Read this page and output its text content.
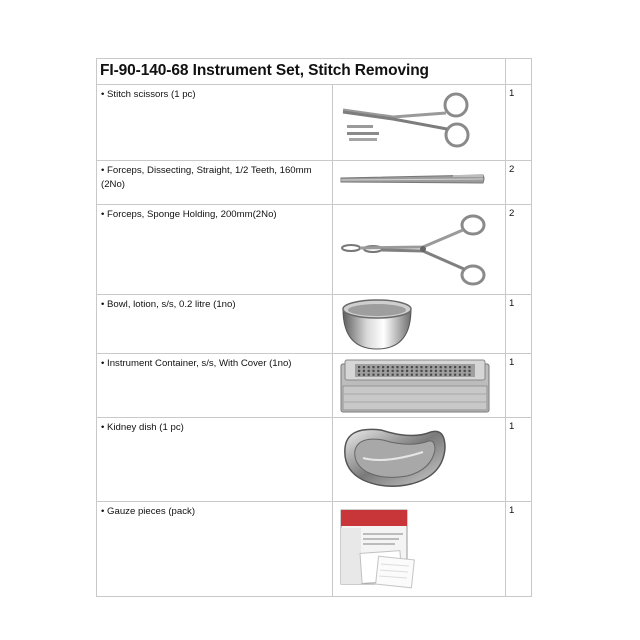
FI-90-140-68 Instrument Set, Stitch Removing		

• Stitch scissors (1 pc)		1

• Forceps, Dissecting, Straight, 1/2 Teeth, 160mm (2No)		2

• Forceps, Sponge Holding, 200mm(2No)		2

• Bowl, lotion, s/s, 0.2 litre (1no)		1

• Instrument Container, s/s, With Cover (1no)		1

• Kidney dish (1 pc)		1

• Gauze pieces (pack)		1
